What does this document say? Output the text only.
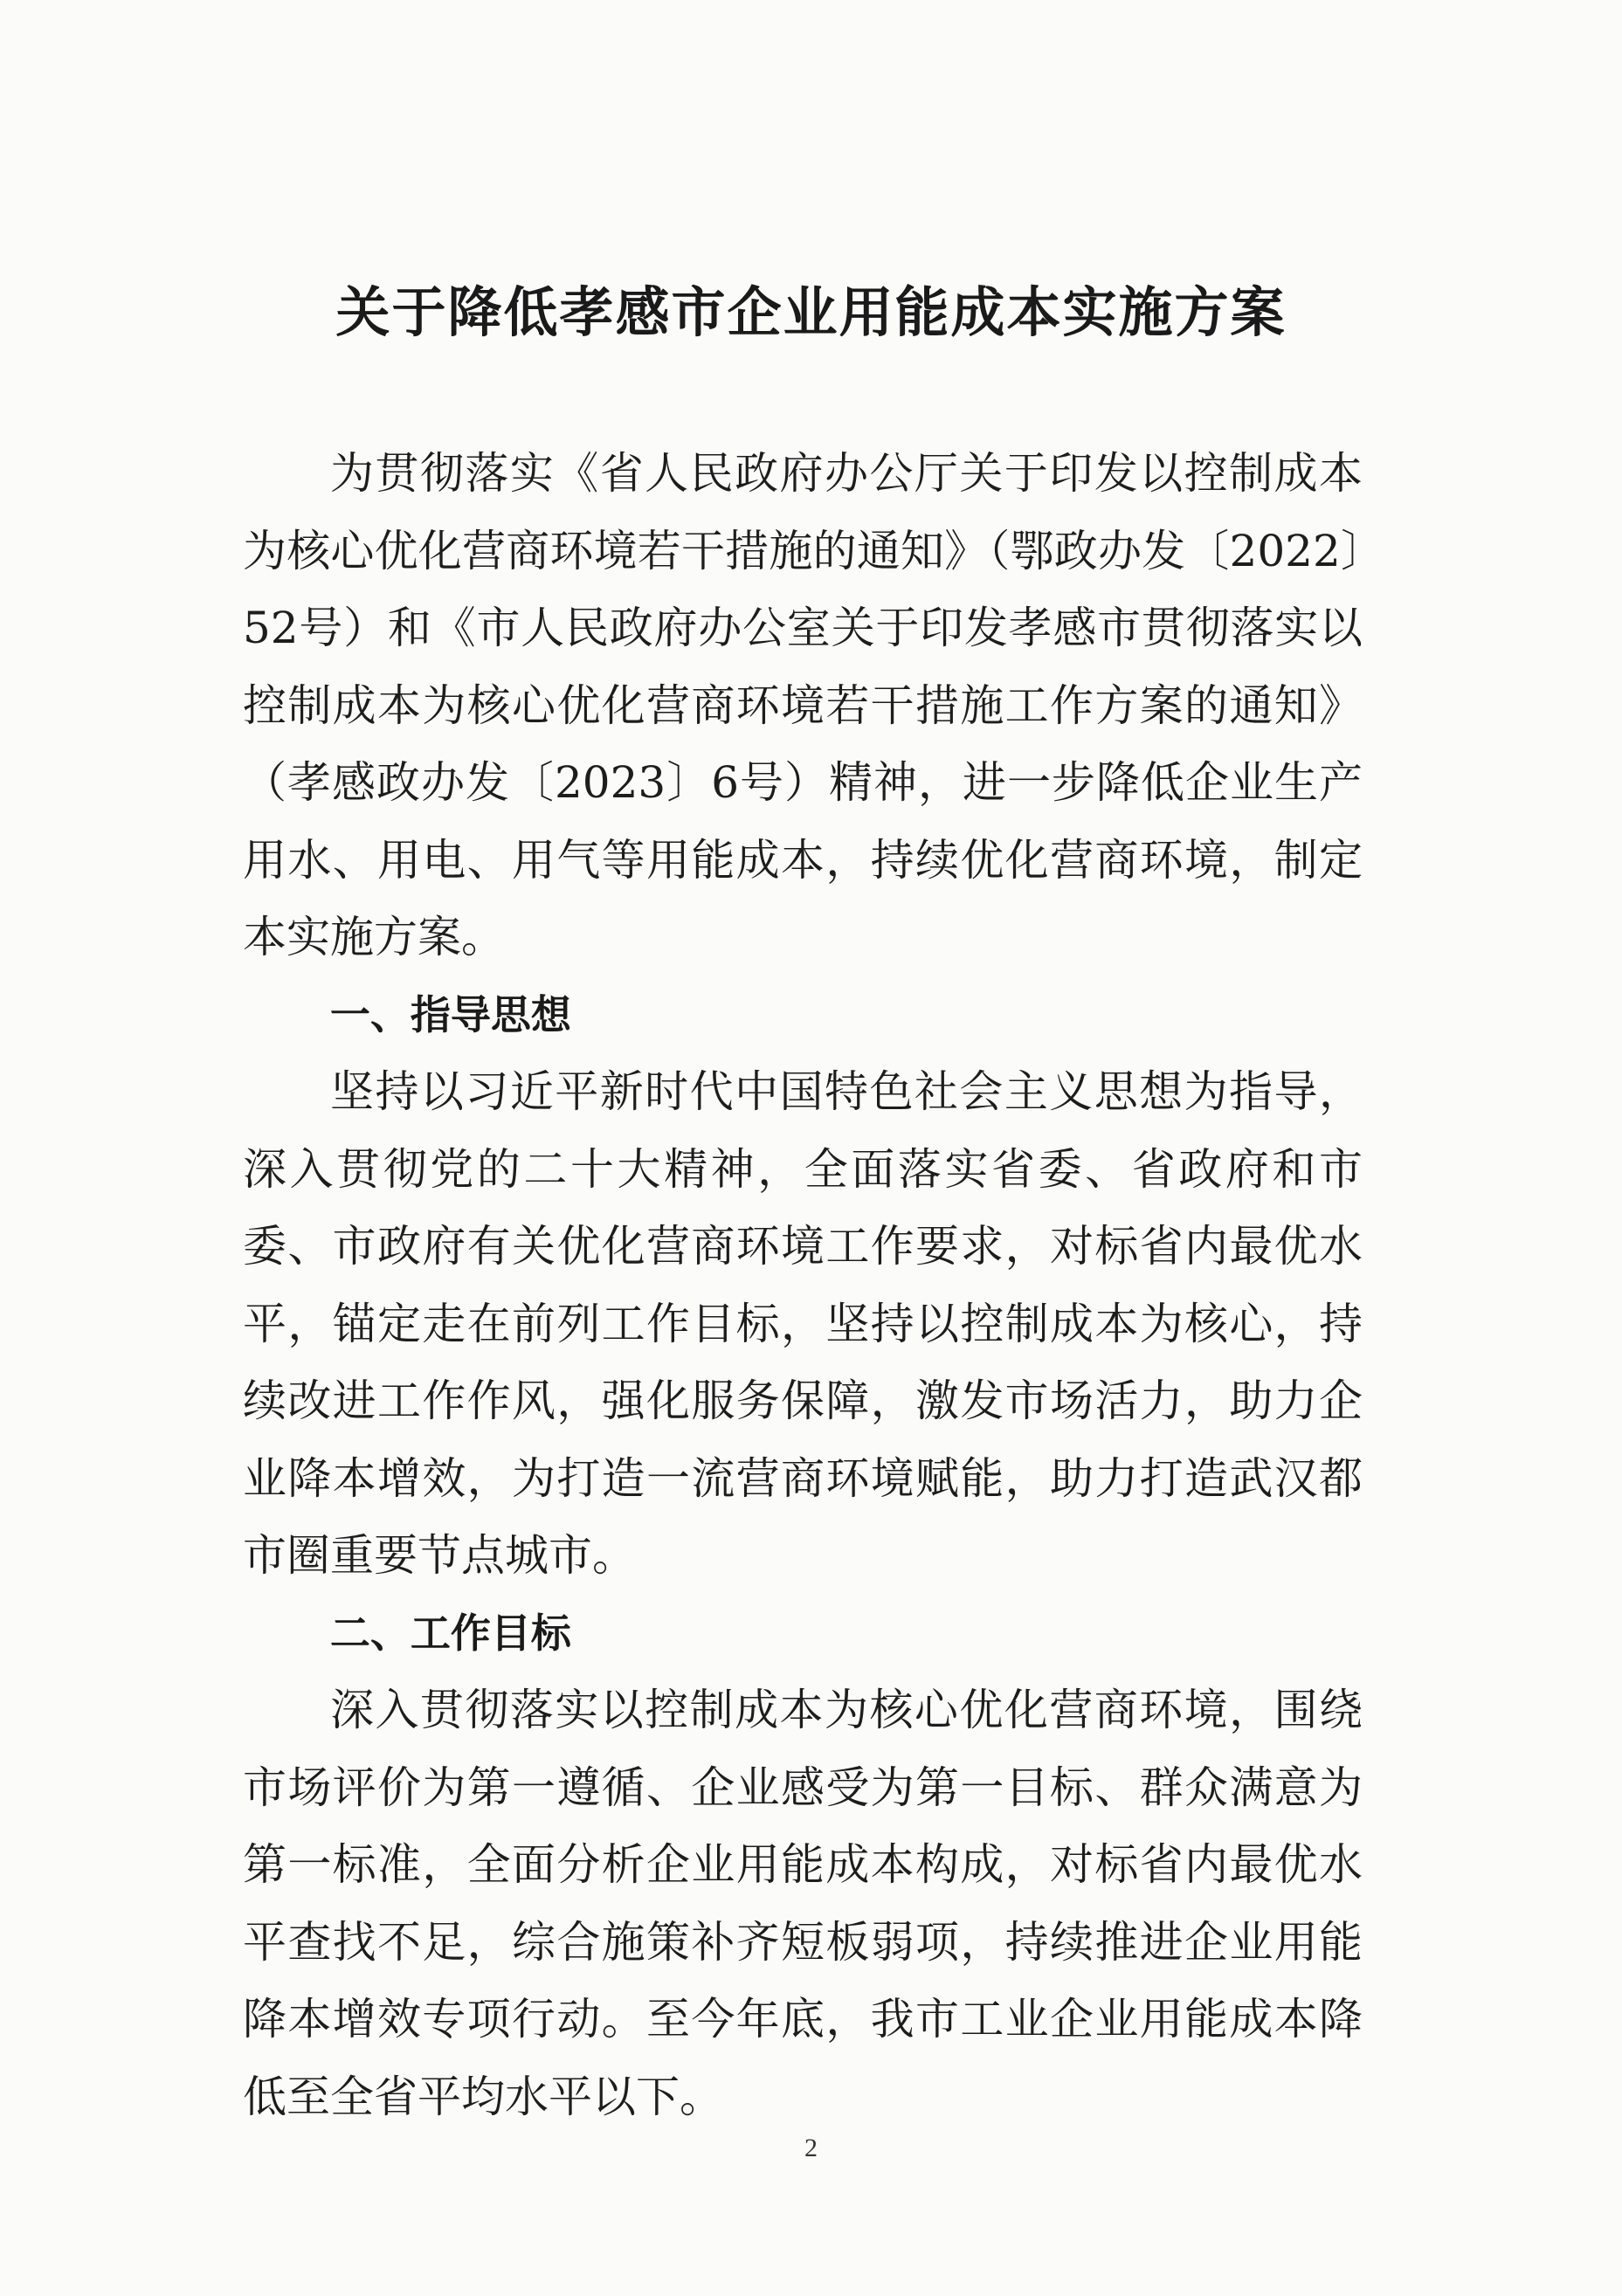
关于降低孝感市企业用能成本实施方案

为贯彻落实《省人民政府办公厅关于印发以控制成本为核心优化营商环境若干措施的通知》（鄂政办发〔2022〕52号）和《市人民政府办公室关于印发孝感市贯彻落实以控制成本为核心优化营商环境若干措施工作方案的通知》（孝感政办发〔2023〕6号）精神，进一步降低企业生产用水、用电、用气等用能成本，持续优化营商环境，制定本实施方案。

一、指导思想

坚持以习近平新时代中国特色社会主义思想为指导，深入贯彻党的二十大精神，全面落实省委、省政府和市委、市政府有关优化营商环境工作要求，对标省内最优水平，锚定走在前列工作目标，坚持以控制成本为核心，持续改进工作作风，强化服务保障，激发市场活力，助力企业降本增效，为打造一流营商环境赋能，助力打造武汉都市圈重要节点城市。

二、工作目标

深入贯彻落实以控制成本为核心优化营商环境，围绕市场评价为第一遵循、企业感受为第一目标、群众满意为第一标准，全面分析企业用能成本构成，对标省内最优水平查找不足，综合施策补齐短板弱项，持续推进企业用能降本增效专项行动。至今年底，我市工业企业用能成本降低至全省平均水平以下。

2
